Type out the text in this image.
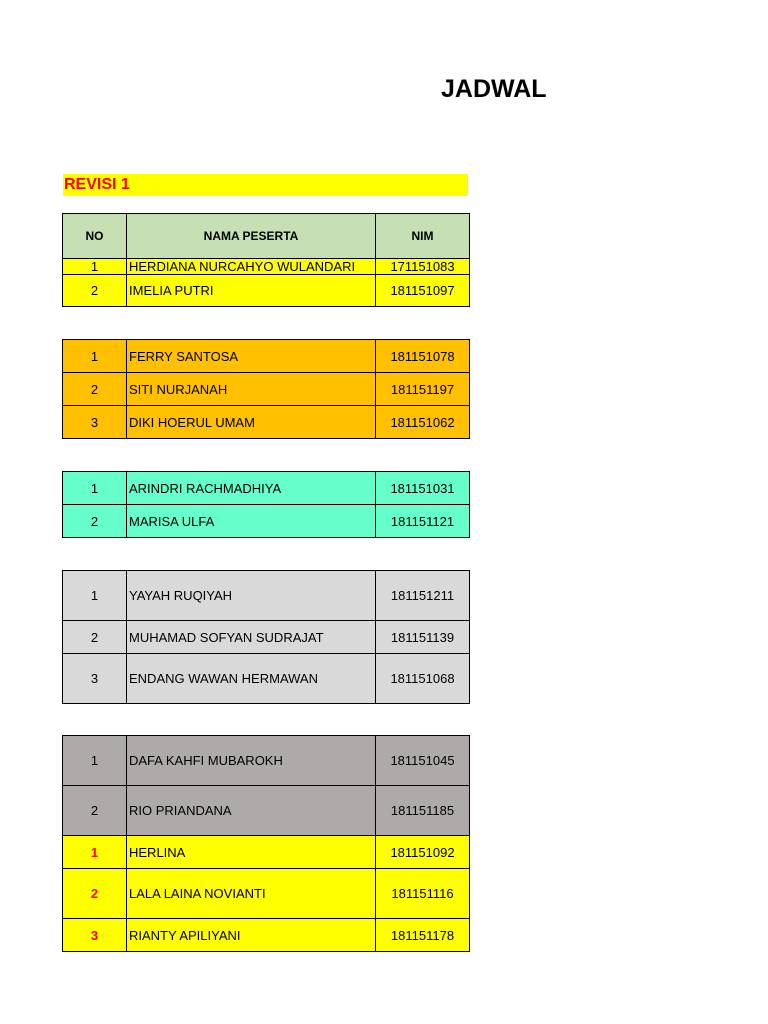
JADWAL
REVISI 1
NO	NAMA PESERTA	NIM
1	HERDIANA NURCAHYO WULANDARI	171151083
2	IMELIA PUTRI	181151097
1	FERRY SANTOSA	181151078
2	SITI NURJANAH	181151197
3	DIKI HOERUL UMAM	181151062
1	ARINDRI RACHMADHIYA	181151031
2	MARISA ULFA	181151121
1	YAYAH RUQIYAH	181151211
2	MUHAMAD SOFYAN SUDRAJAT	181151139
3	ENDANG WAWAN HERMAWAN	181151068
1	DAFA KAHFI MUBAROKH	181151045
2	RIO PRIANDANA	181151185
1	HERLINA	181151092
2	LALA LAINA NOVIANTI	181151116
3	RIANTY APILIYANI	181151178
